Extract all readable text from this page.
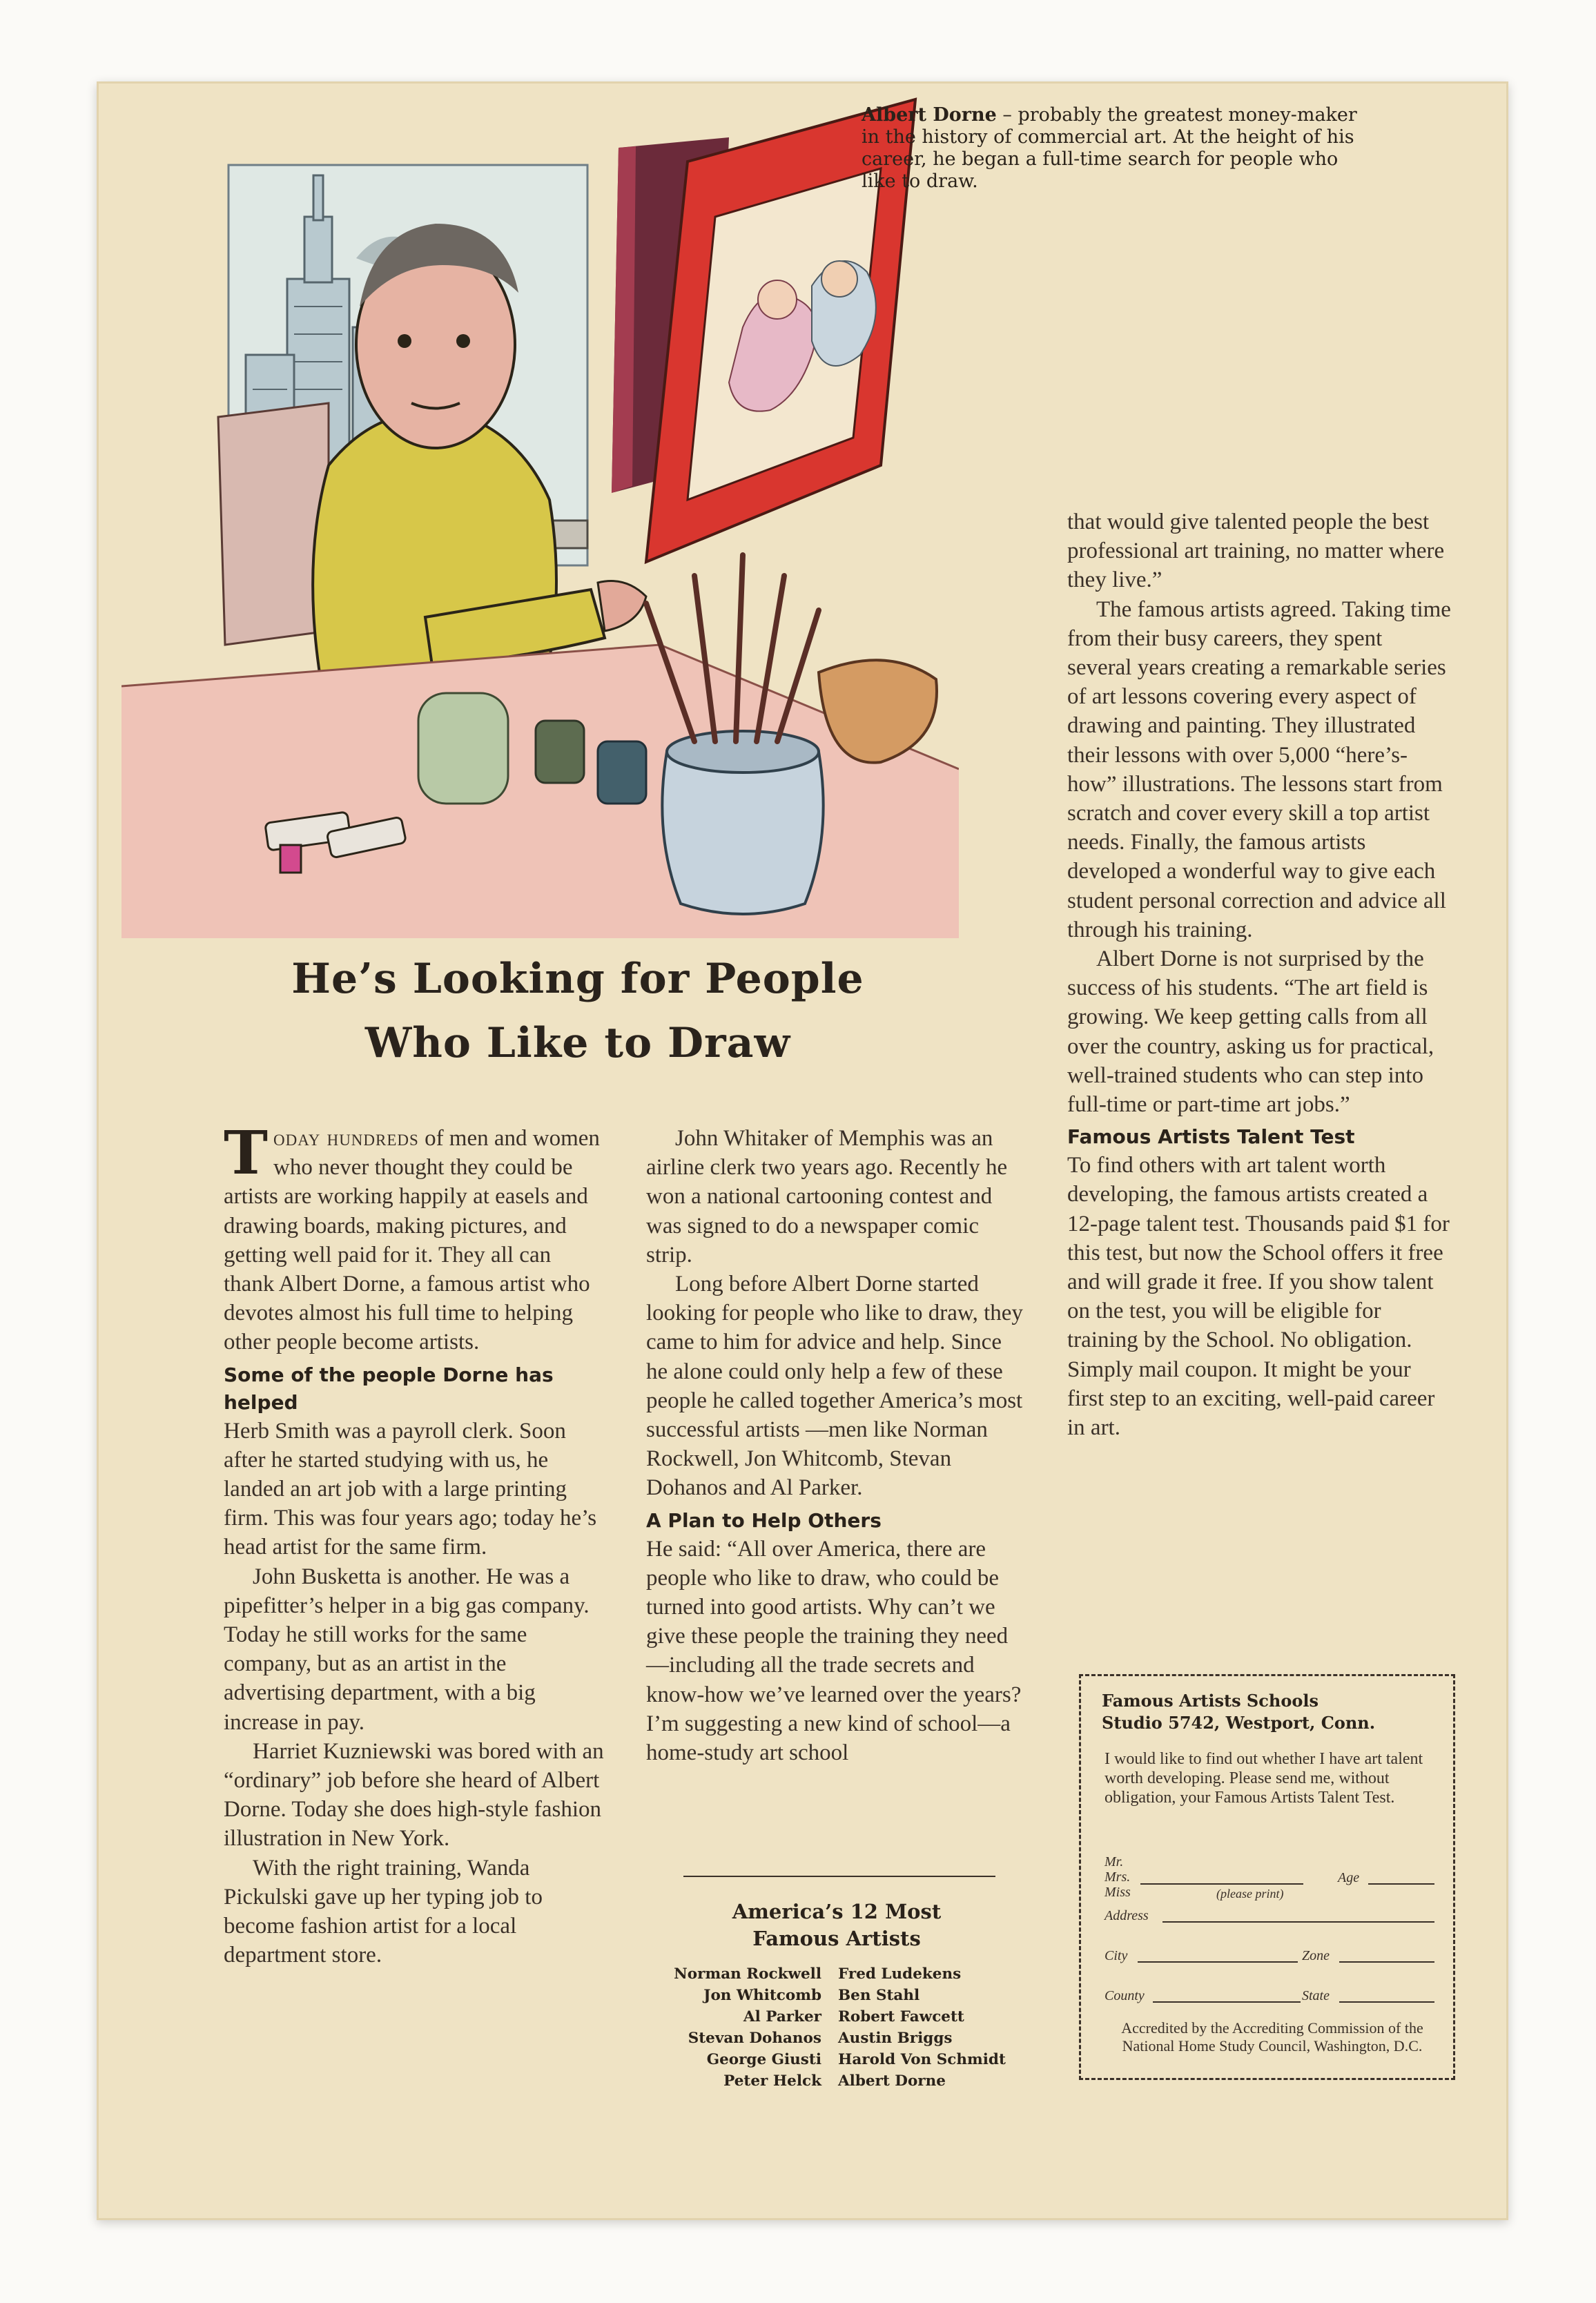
Albert Dorne – probably the greatest money-maker in the history of commercial art. At the height of his career, he began a full-time search for people who like to draw.
He’s Looking for People
Who Like to Draw

Today hundreds of men and women who never thought they could be artists are working happily at easels and drawing boards, making pictures, and getting well paid for it. They all can thank Albert Dorne, a famous artist who devotes almost his full time to helping other people become artists.

Some of the people Dorne has helped

Herb Smith was a payroll clerk. Soon after he started studying with us, he landed an art job with a large printing firm. This was four years ago; today he’s head artist for the same firm.

John Busketta is another. He was a pipefitter’s helper in a big gas company. Today he still works for the same company, but as an artist in the advertising department, with a big increase in pay.

Harriet Kuzniewski was bored with an “ordinary” job before she heard of Albert Dorne. Today she does high-style fashion illustration in New York.

With the right training, Wanda Pickulski gave up her typing job to become fashion artist for a local department store.

John Whitaker of Memphis was an airline clerk two years ago. Recently he won a national cartooning contest and was signed to do a newspaper comic strip.

Long before Albert Dorne started looking for people who like to draw, they came to him for advice and help. Since he alone could only help a few of these people he called together America’s most successful artists —men like Norman Rockwell, Jon Whitcomb, Stevan Dohanos and Al Parker.

A Plan to Help Others

He said: “All over America, there are people who like to draw, who could be turned into good artists. Why can’t we give these people the training they need—including all the trade secrets and know-how we’ve learned over the years? I’m suggesting a new kind of school—a home-study art school

America’s 12 Most
Famous Artists
Norman Rockwell	Fred Ludekens
Jon Whitcomb	Ben Stahl
Al Parker	Robert Fawcett
Stevan Dohanos	Austin Briggs
George Giusti	Harold Von Schmidt
Peter Helck	Albert Dorne

that would give talented people the best professional art training, no matter where they live.”

The famous artists agreed. Taking time from their busy careers, they spent several years creating a remarkable series of art lessons covering every aspect of drawing and painting. They illustrated their lessons with over 5,000 “here’s-how” illustrations. The lessons start from scratch and cover every skill a top artist needs. Finally, the famous artists developed a wonderful way to give each student personal correction and advice all through his training.

Albert Dorne is not surprised by the success of his students. “The art field is growing. We keep getting calls from all over the country, asking us for practical, well-trained students who can step into full-time or part-time art jobs.”

Famous Artists Talent Test

To find others with art talent worth developing, the famous artists created a 12-page talent test. Thousands paid $1 for this test, but now the School offers it free and will grade it free. If you show talent on the test, you will be eligible for training by the School. No obligation. Simply mail coupon. It might be your first step to an exciting, well-paid career in art.

Famous Artists Schools
Studio 5742, Westport, Conn.
I would like to find out whether I have art talent worth developing. Please send me, without obligation, your Famous Artists Talent Test.
Mr.
Mrs.	Age
Miss	(please print)
Address
City	Zone
County	State
Accredited by the Accrediting Commission of the National Home Study Council, Washington, D.C.
